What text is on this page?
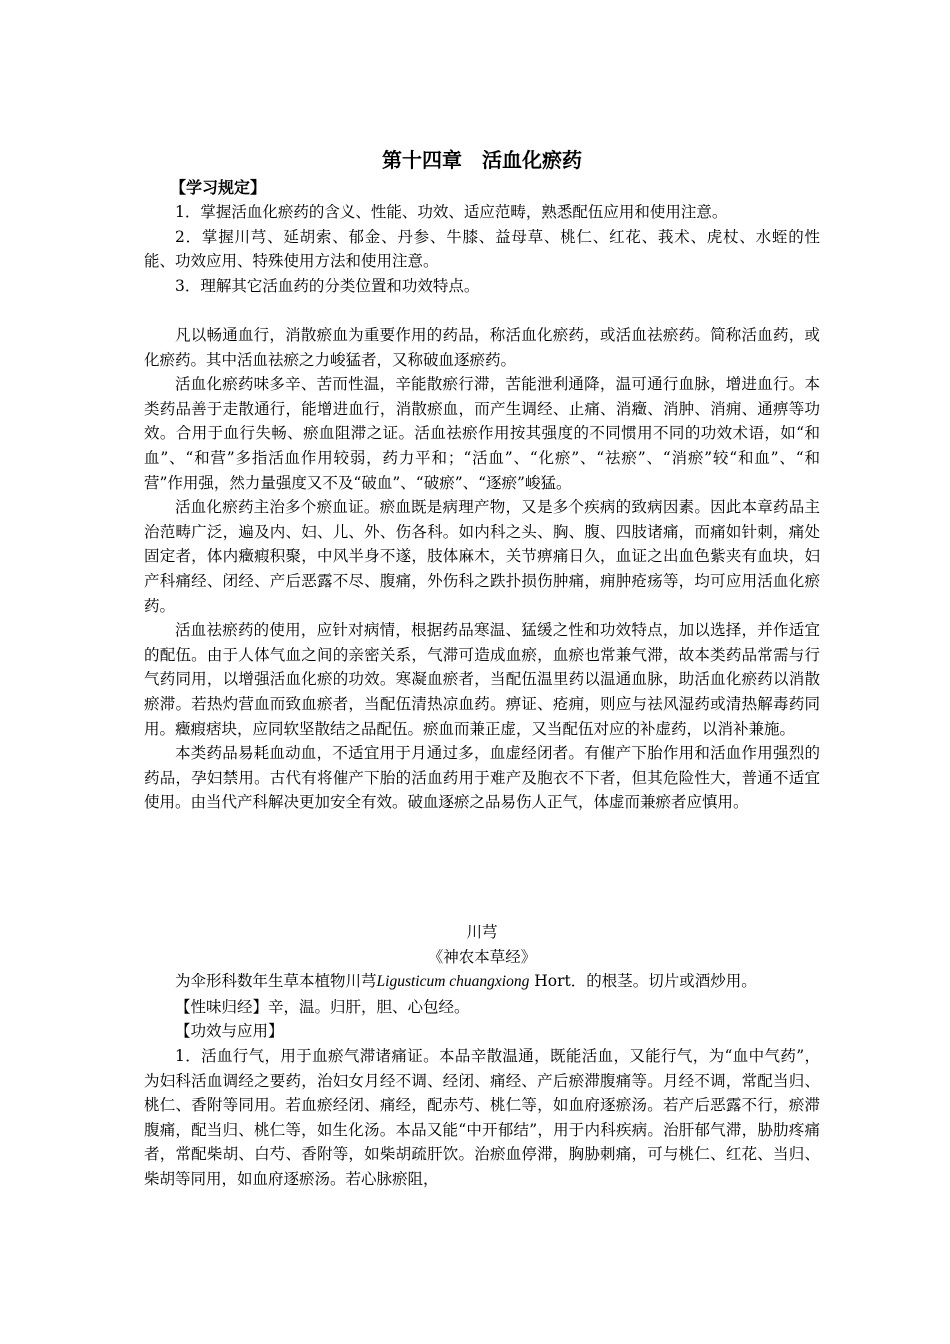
第十四章　活血化瘀药
【学习规定】

1．掌握活血化瘀药的含义、性能、功效、适应范畴，熟悉配伍应用和使用注意。

2．掌握川芎、延胡索、郁金、丹参、牛膝、益母草、桃仁、红花、莪术、虎杖、水蛭的性能、功效应用、特殊使用方法和使用注意。

3．理解其它活血药的分类位置和功效特点。

凡以畅通血行，消散瘀血为重要作用的药品，称活血化瘀药，或活血祛瘀药。简称活血药，或化瘀药。其中活血祛瘀之力峻猛者，又称破血逐瘀药。

活血化瘀药味多辛、苦而性温，辛能散瘀行滞，苦能泄利通降，温可通行血脉，增进血行。本类药品善于走散通行，能增进血行，消散瘀血，而产生调经、止痛、消癥、消肿、消痈、通痹等功效。合用于血行失畅、瘀血阻滞之证。活血祛瘀作用按其强度的不同惯用不同的功效术语，如“和血”、“和营”多指活血作用较弱，药力平和；“活血”、“化瘀”、“祛瘀”、“消瘀”较“和血”、“和营”作用强，然力量强度又不及“破血”、“破瘀”、“逐瘀”峻猛。

活血化瘀药主治多个瘀血证。瘀血既是病理产物，又是多个疾病的致病因素。因此本章药品主治范畴广泛，遍及内、妇、儿、外、伤各科。如内科之头、胸、腹、四肢诸痛，而痛如针刺，痛处固定者，体内癥瘕积聚，中风半身不遂，肢体麻木，关节痹痛日久，血证之出血色紫夹有血块，妇产科痛经、闭经、产后恶露不尽、腹痛，外伤科之跌扑损伤肿痛，痈肿疮疡等，均可应用活血化瘀药。

活血祛瘀药的使用，应针对病情，根据药品寒温、猛缓之性和功效特点，加以选择，并作适宜的配伍。由于人体气血之间的亲密关系，气滞可造成血瘀，血瘀也常兼气滞，故本类药品常需与行气药同用，以增强活血化瘀的功效。寒凝血瘀者，当配伍温里药以温通血脉，助活血化瘀药以消散瘀滞。若热灼营血而致血瘀者，当配伍清热凉血药。痹证、疮痈，则应与祛风湿药或清热解毒药同用。癥瘕痞块，应同软坚散结之品配伍。瘀血而兼正虚，又当配伍对应的补虚药，以消补兼施。

本类药品易耗血动血，不适宜用于月通过多，血虚经闭者。有催产下胎作用和活血作用强烈的药品，孕妇禁用。古代有将催产下胎的活血药用于难产及胞衣不下者，但其危险性大，普通不适宜使用。由当代产科解决更加安全有效。破血逐瘀之品易伤人正气，体虚而兼瘀者应慎用。

川芎

《神农本草经》

为伞形科数年生草本植物川芎Ligusticum chuangxiong Hort．的根茎。切片或酒炒用。

【性味归经】辛，温。归肝，胆、心包经。

【功效与应用】

1．活血行气，用于血瘀气滞诸痛证。本品辛散温通，既能活血，又能行气，为“血中气药”，为妇科活血调经之要药，治妇女月经不调、经闭、痛经、产后瘀滞腹痛等。月经不调，常配当归、桃仁、香附等同用。若血瘀经闭、痛经，配赤芍、桃仁等，如血府逐瘀汤。若产后恶露不行，瘀滞腹痛，配当归、桃仁等，如生化汤。本品又能“中开郁结”，用于内科疾病。治肝郁气滞，胁肋疼痛者，常配柴胡、白芍、香附等，如柴胡疏肝饮。治瘀血停滞，胸胁刺痛，可与桃仁、红花、当归、柴胡等同用，如血府逐瘀汤。若心脉瘀阻，
